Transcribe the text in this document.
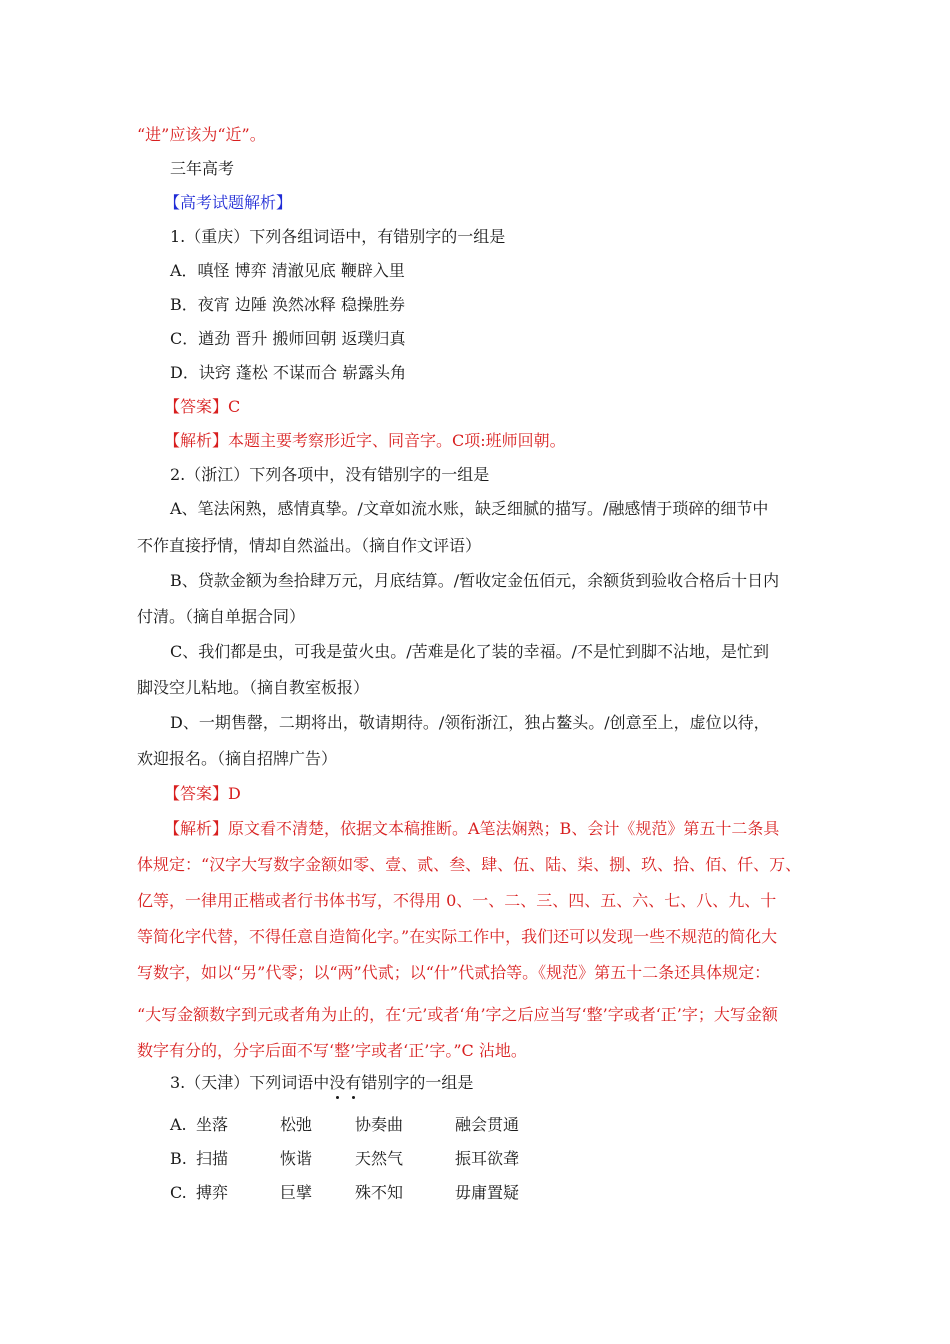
“进”应该为“近”。
三年高考
【高考试题解析】
1.（重庆）下列各组词语中，有错别字的一组是
A．嗔怪 博弈 清澈见底 鞭辟入里
B．夜宵 边陲 涣然冰释 稳操胜券
C．遒劲 晋升 搬师回朝 返璞归真
D．诀窍 蓬松 不谋而合 崭露头角
【答案】C
【解析】本题主要考察形近字、同音字。C项:班师回朝。
2.（浙江）下列各项中，没有错别字的一组是
A、笔法闲熟，感情真挚。/文章如流水账，缺乏细腻的描写。/融感情于琐碎的细节中
不作直接抒情，情却自然溢出。（摘自作文评语）
B、贷款金额为叁拾肆万元，月底结算。/暂收定金伍佰元，余额货到验收合格后十日内
付清。（摘自单据合同）
C、我们都是虫，可我是萤火虫。/苦难是化了装的幸福。/不是忙到脚不沾地，是忙到
脚没空儿粘地。（摘自教室板报）
D、一期售罄，二期将出，敬请期待。/领衔浙江，独占鳌头。/创意至上，虚位以待，
欢迎报名。（摘自招牌广告）
【答案】D
【解析】原文看不清楚，依据文本稿推断。A笔法娴熟；B、会计《规范》第五十二条具
体规定：“汉字大写数字金额如零、壹、贰、叁、肆、伍、陆、柒、捌、玖、拾、佰、仟、万、
亿等，一律用正楷或者行书体书写，不得用 0、一、二、三、四、五、六、七、八、九、十
等简化字代替，不得任意自造简化字。”在实际工作中，我们还可以发现一些不规范的简化大
写数字，如以“另”代零；以“两”代贰；以“什”代贰拾等。《规范》第五十二条还具体规定：
“大写金额数字到元或者角为止的，在‘元’或者‘角’字之后应当写‘整’字或者‘正’字；大写金额
数字有分的，分字后面不写‘整’字或者‘正’字。”C 沾地。
3.（天津）下列词语中没有错别字的一组是
A. 坐落	松弛	协奏曲	融会贯通
B. 扫描	恢谐	天然气	振耳欲聋
C. 搏弈	巨擘	殊不知	毋庸置疑
